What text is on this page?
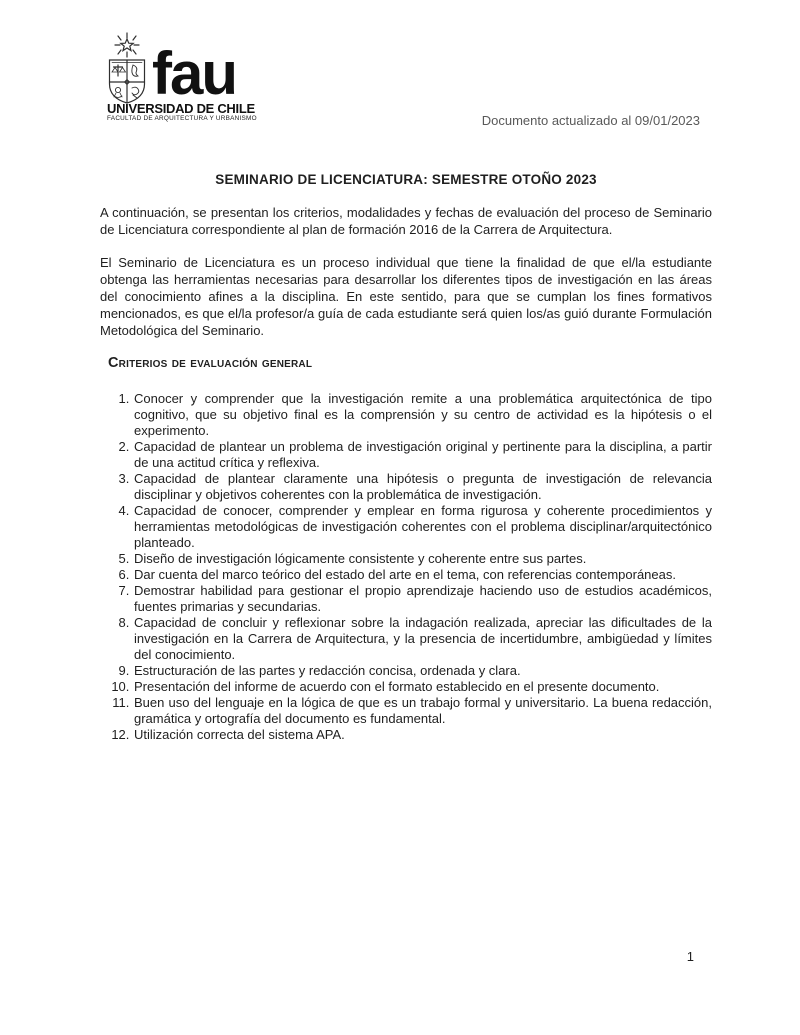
fau
UNIVERSIDAD DE CHILE
FACULTAD DE ARQUITECTURA Y URBANISMO	Documento actualizado al 09/01/2023
SEMINARIO DE LICENCIATURA: SEMESTRE OTOÑO 2023

A continuación, se presentan los criterios, modalidades y fechas de evaluación del proceso de Seminario de Licenciatura correspondiente al plan de formación 2016 de la Carrera de Arquitectura.

El Seminario de Licenciatura es un proceso individual que tiene la finalidad de que el/la estudiante obtenga las herramientas necesarias para desarrollar los diferentes tipos de investigación en las áreas del conocimiento afines a la disciplina. En este sentido, para que se cumplan los fines formativos mencionados, es que el/la profesor/a guía de cada estudiante será quien los/as guió durante Formulación Metodológica del Seminario.

Criterios de evaluación general
1. Conocer y comprender que la investigación remite a una problemática arquitectónica de tipo cognitivo, que su objetivo final es la comprensión y su centro de actividad es la hipótesis o el experimento.
2. Capacidad de plantear un problema de investigación original y pertinente para la disciplina, a partir de una actitud crítica y reflexiva.
3. Capacidad de plantear claramente una hipótesis o pregunta de investigación de relevancia disciplinar y objetivos coherentes con la problemática de investigación.
4. Capacidad de conocer, comprender y emplear en forma rigurosa y coherente procedimientos y herramientas metodológicas de investigación coherentes con el problema disciplinar/arquitectónico planteado.
5. Diseño de investigación lógicamente consistente y coherente entre sus partes.
6. Dar cuenta del marco teórico del estado del arte en el tema, con referencias contemporáneas.
7. Demostrar habilidad para gestionar el propio aprendizaje haciendo uso de estudios académicos, fuentes primarias y secundarias.
8. Capacidad de concluir y reflexionar sobre la indagación realizada, apreciar las dificultades de la investigación en la Carrera de Arquitectura, y la presencia de incertidumbre, ambigüedad y límites del conocimiento.
9. Estructuración de las partes y redacción concisa, ordenada y clara.
10. Presentación del informe de acuerdo con el formato establecido en el presente documento.
11. Buen uso del lenguaje en la lógica de que es un trabajo formal y universitario. La buena redacción, gramática y ortografía del documento es fundamental.
12. Utilización correcta del sistema APA.
1
